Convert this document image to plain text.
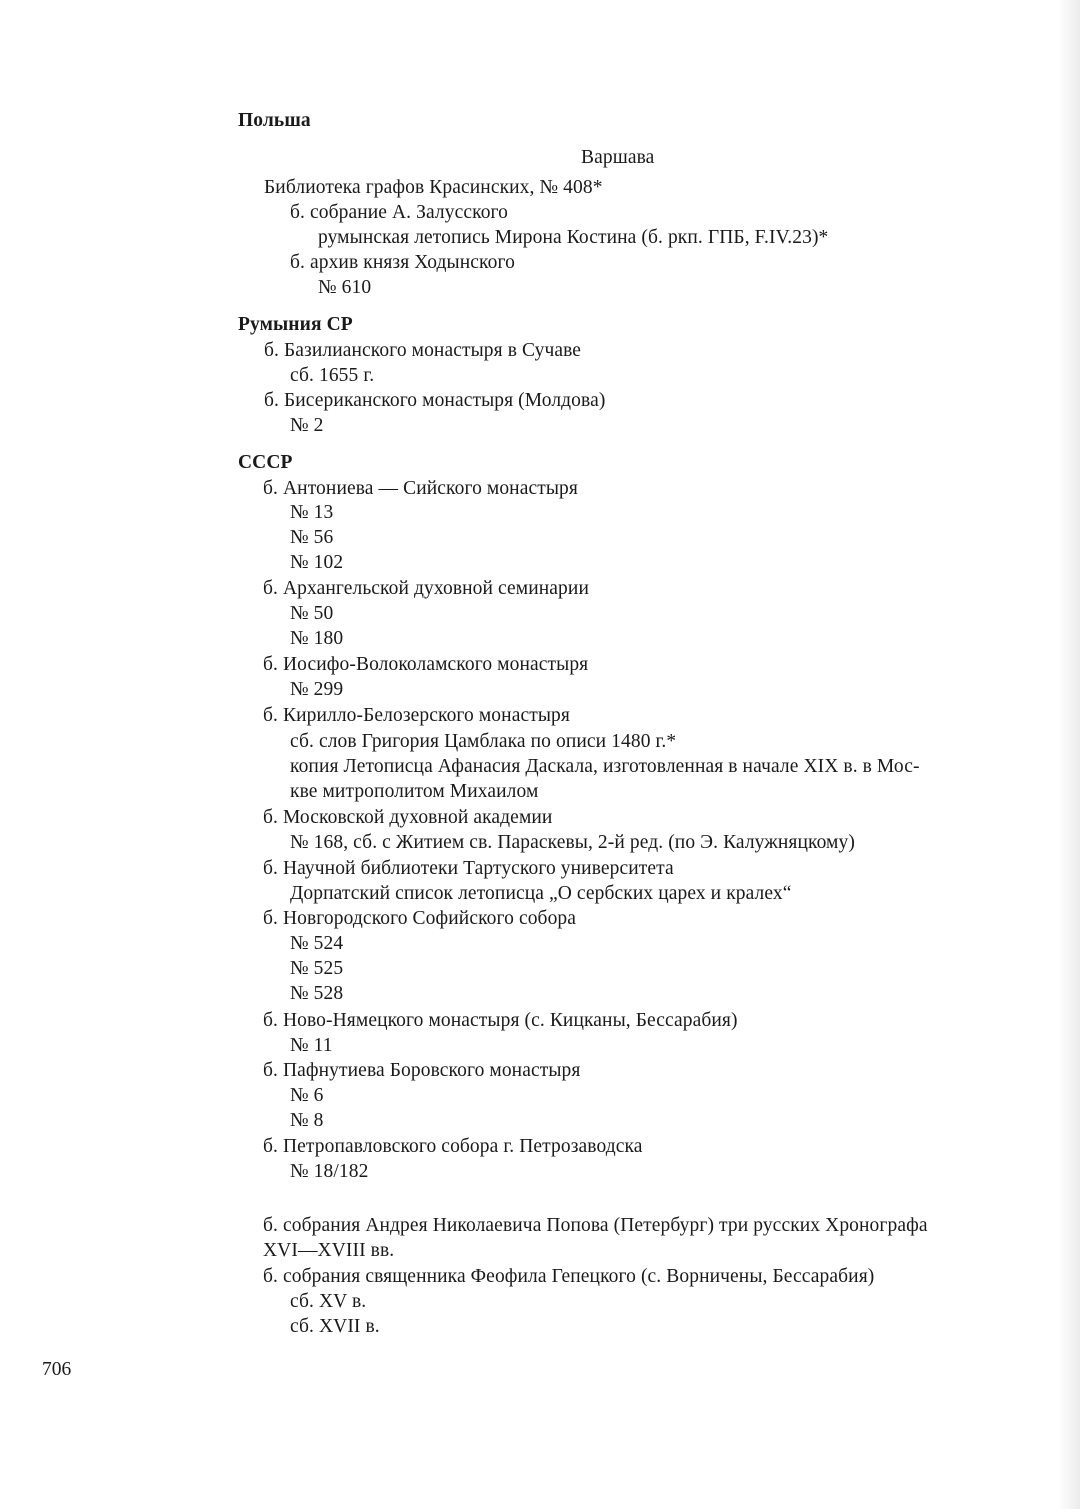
Польша
Варшава
Библиотека графов Красинских, № 408*
б. собрание А. Залусского
румынская летопись Мирона Костина (б. ркп. ГПБ, F.IV.23)*
б. архив князя Ходынского
№ 610
Румыния СР
б. Базилианского монастыря в Сучаве
сб. 1655 г.
б. Бисериканского монастыря (Молдова)
№ 2
СССР
б. Антониева — Сийского монастыря
№ 13
№ 56
№ 102
б. Архангельской духовной семинарии
№ 50
№ 180
б. Иосифо-Волоколамского монастыря
№ 299
б. Кирилло-Белозерского монастыря
сб. слов Григория Цамблака по описи 1480 г.*
копия Летописца Афанасия Даскала, изготовленная в начале XIX в. в Мос-
кве митрополитом Михаилом
б. Московской духовной академии
№ 168, сб. с Житием св. Параскевы, 2-й ред. (по Э. Калужняцкому)
б. Научной библиотеки Тартуского университета
Дорпатский список летописца „О сербских царех и кралех“
б. Новгородского Софийского собора
№ 524
№ 525
№ 528
б. Ново-Нямецкого монастыря (с. Кицканы, Бессарабия)
№ 11
б. Пафнутиева Боровского монастыря
№ 6
№ 8
б. Петропавловского собора г. Петрозаводска
№ 18/182
б. собрания Андрея Николаевича Попова (Петербург) три русских Хронографа
XVI—XVIII вв.
б. собрания священника Феофила Гепецкого (с. Ворничены, Бессарабия)
сб. XV в.
сб. XVII в.
706
